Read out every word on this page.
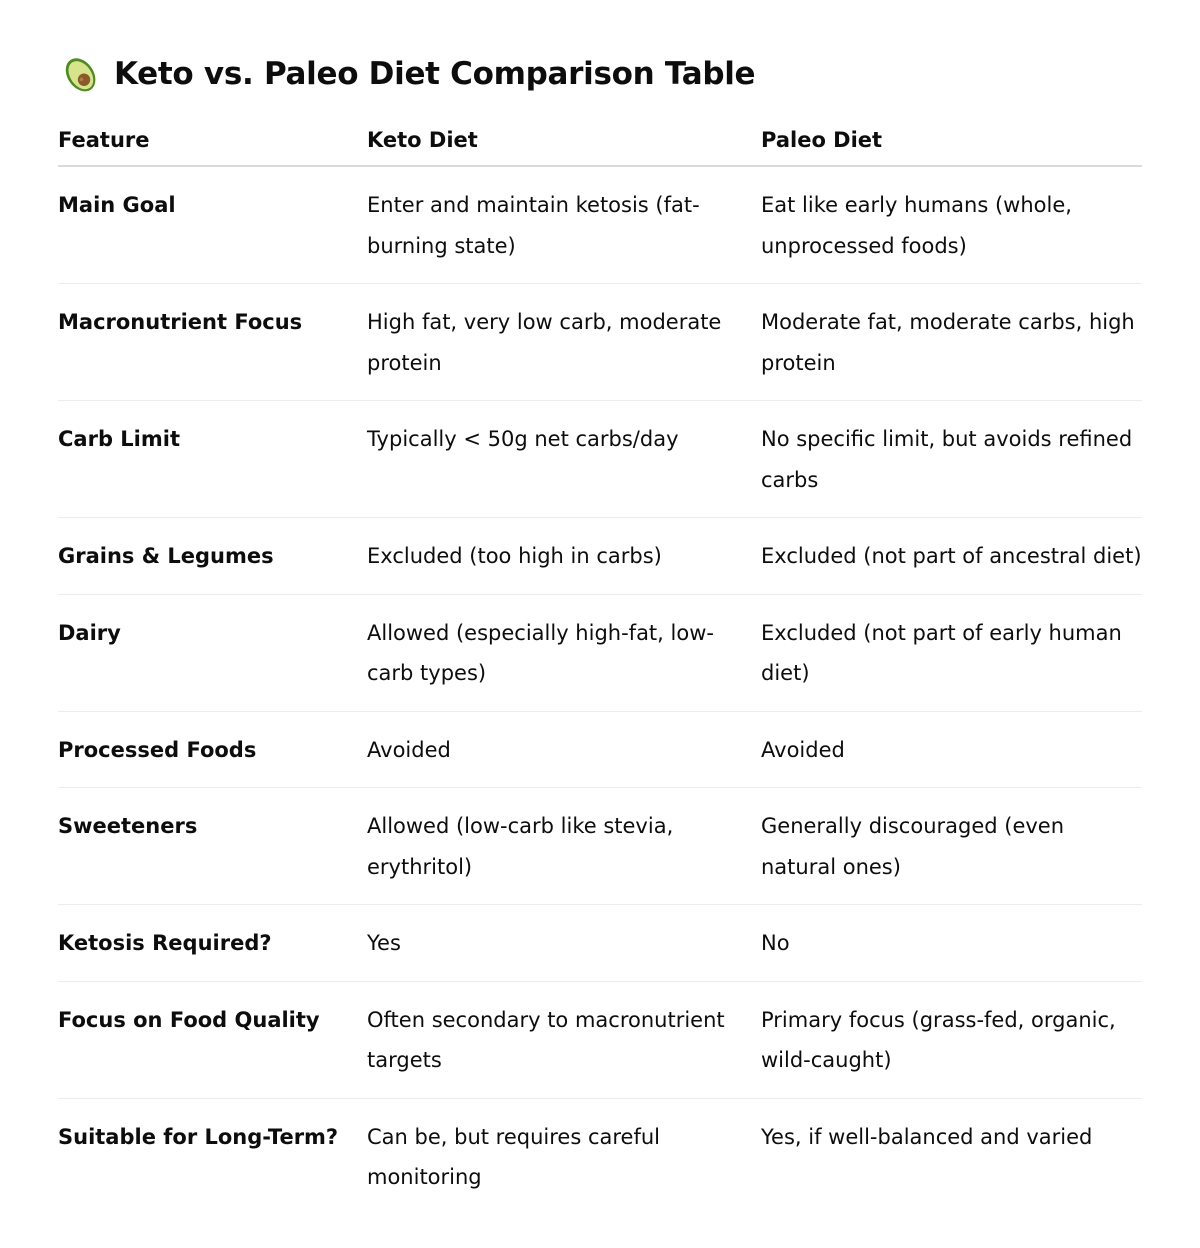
Keto vs. Paleo Diet Comparison Table
Feature	Keto Diet	Paleo Diet
Main Goal	Enter and maintain ketosis (fat-burning state)	Eat like early humans (whole, unprocessed foods)
Macronutrient Focus	High fat, very low carb, moderate protein	Moderate fat, moderate carbs, high protein
Carb Limit	Typically < 50g net carbs/day	No specific limit, but avoids refined carbs
Grains & Legumes	Excluded (too high in carbs)	Excluded (not part of ancestral diet)
Dairy	Allowed (especially high-fat, low-carb types)	Excluded (not part of early human diet)
Processed Foods	Avoided	Avoided
Sweeteners	Allowed (low-carb like stevia, erythritol)	Generally discouraged (even natural ones)
Ketosis Required?	Yes	No
Focus on Food Quality	Often secondary to macronutrient targets	Primary focus (grass-fed, organic, wild-caught)
Suitable for Long-Term?	Can be, but requires careful monitoring	Yes, if well-balanced and varied
